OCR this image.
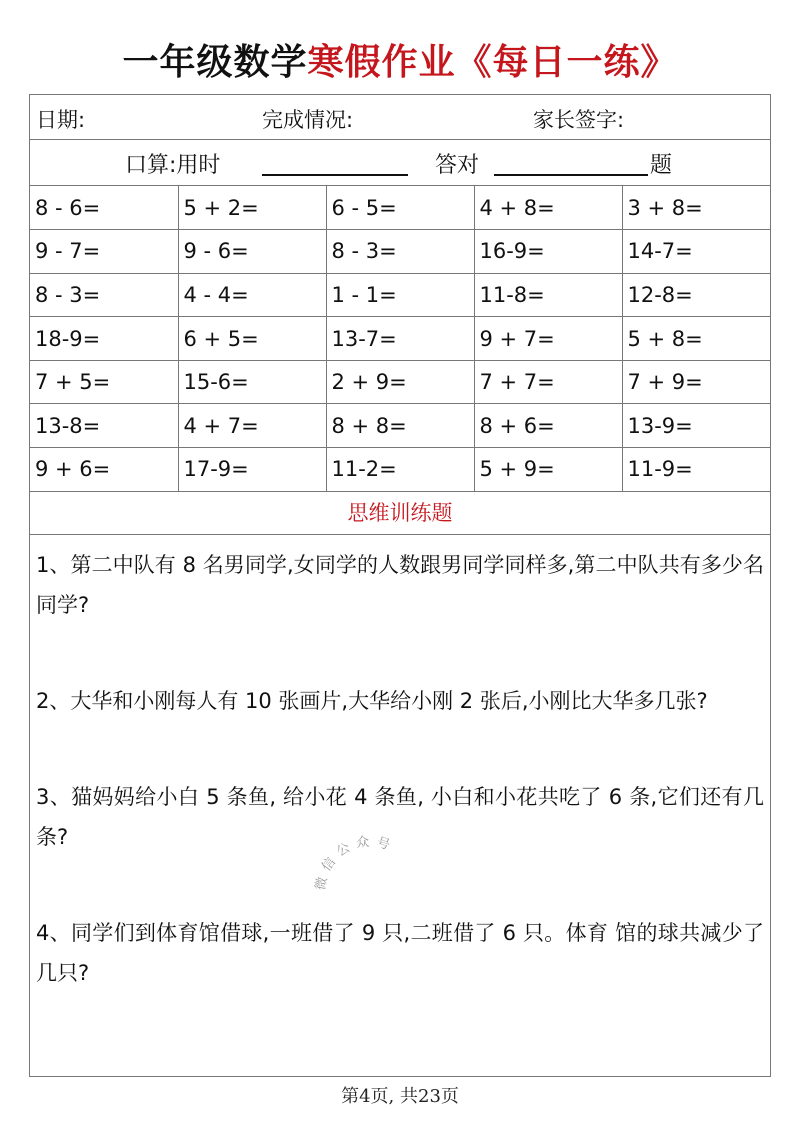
一年级数学寒假作业《每日一练》
日期:	完成情况:	家长签字:
口算:用时	答对	题
8 - 6=	5 + 2=	6 - 5=	4 + 8=	3 + 8=
9 - 7=	9 - 6=	8 - 3=	16-9=	14-7=
8 - 3=	4 - 4=	1 - 1=	11-8=	12-8=
18-9=	6 + 5=	13-7=	9 + 7=	5 + 8=
7 + 5=	15-6=	2 + 9=	7 + 7=	7 + 9=
13-8=	4 + 7=	8 + 8=	8 + 6=	13-9=
9 + 6=	17-9=	11-2=	5 + 9=	11-9=
思维训练题
1、第二中队有 8 名男同学,女同学的人数跟男同学同样多,第二中队共有多少名同学?
2、大华和小刚每人有 10 张画片,大华给小刚 2 张后,小刚比大华多几张?
3、猫妈妈给小白 5 条鱼, 给小花 4 条鱼, 小白和小花共吃了 6 条,它们还有几条?
4、同学们到体育馆借球,一班借了 9 只,二班借了 6 只。体育 馆的球共减少了几只?
微信公众号
第4页, 共23页
